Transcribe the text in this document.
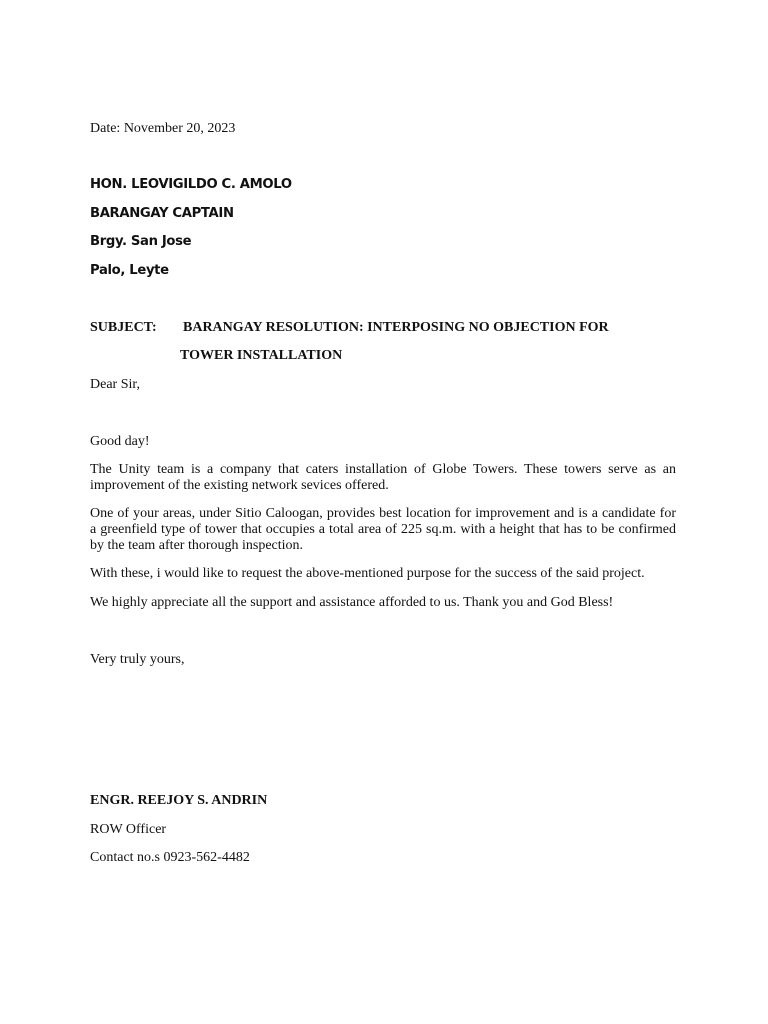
Date: November 20, 2023
HON. LEOVIGILDO C. AMOLO
BARANGAY CAPTAIN
Brgy. San Jose
Palo, Leyte
SUBJECT: BARANGAY RESOLUTION: INTERPOSING NO OBJECTION FOR
TOWER INSTALLATION
Dear Sir,
Good day!
The Unity team is a company that caters installation of Globe Towers. These towers serve as an improvement of the existing network sevices offered.
One of your areas, under Sitio Caloogan, provides best location for improvement and is a candidate for a greenfield type of tower that occupies a total area of 225 sq.m. with a height that has to be confirmed by the team after thorough inspection.
With these, i would like to request the above-mentioned purpose for the success of the said project.
We highly appreciate all the support and assistance afforded to us. Thank you and God Bless!
Very truly yours,
ENGR. REEJOY S. ANDRIN
ROW Officer
Contact no.s 0923-562-4482
